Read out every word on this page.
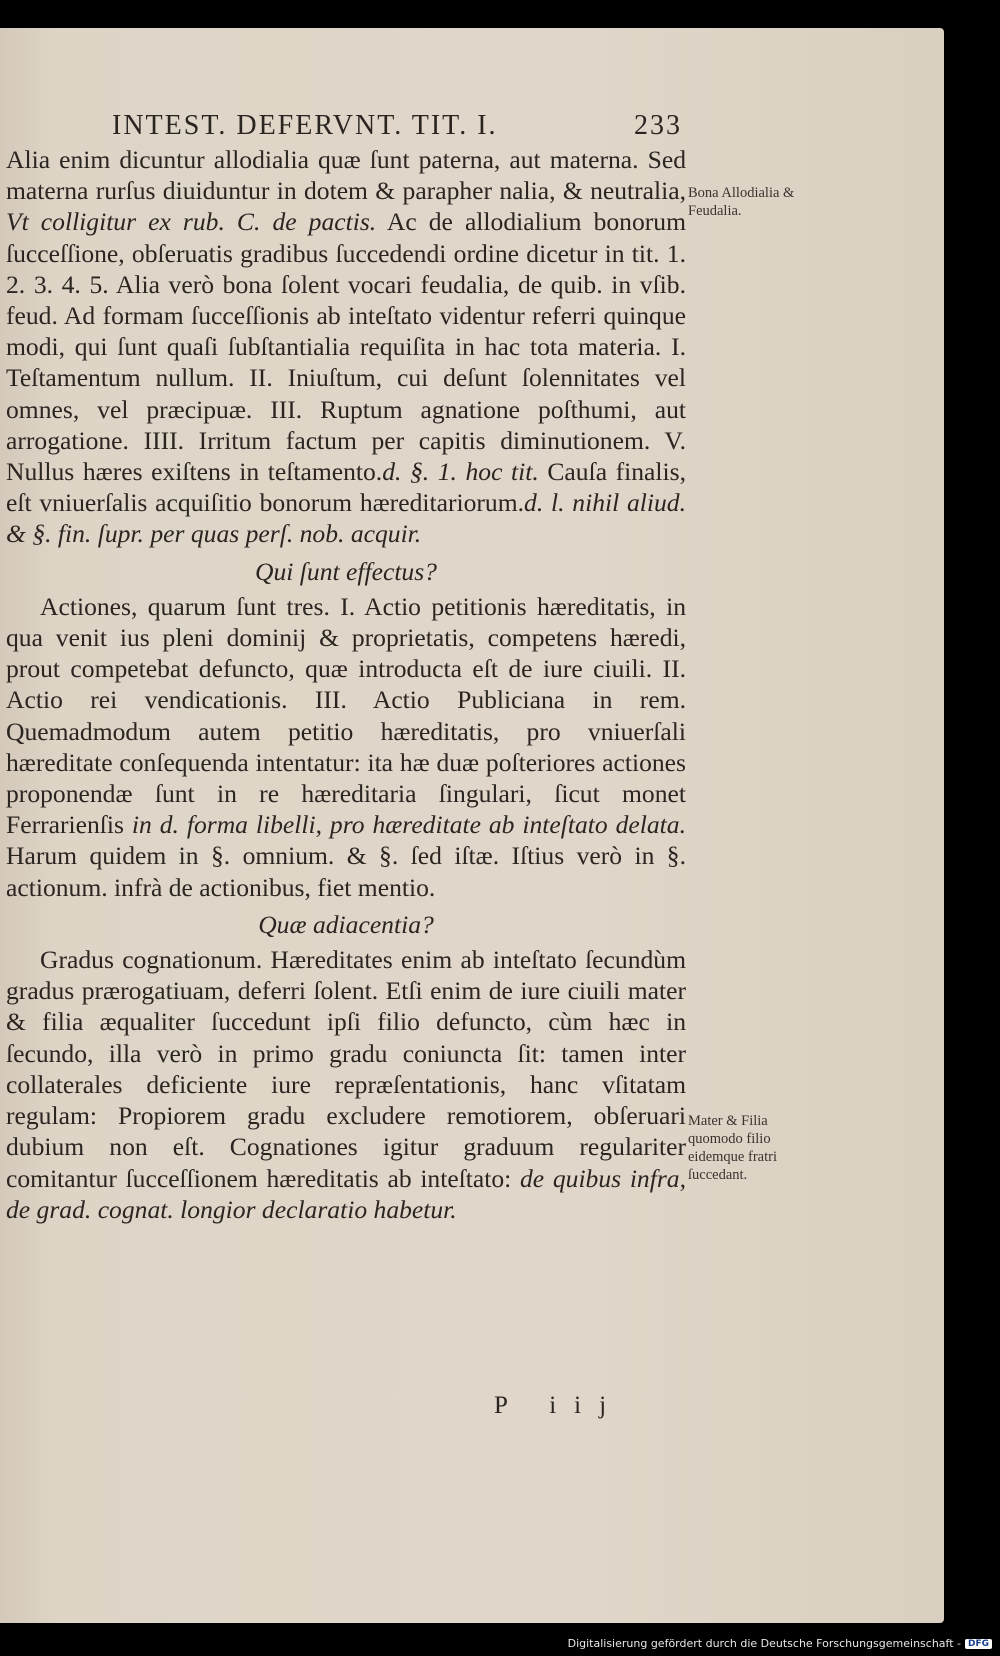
INTEST. DEFERVNT. TIT. I.	233

Alia enim dicuntur allodialia quæ ſunt paterna, aut materna. Sed materna rurſus diuiduntur in dotem & parapher nalia, & neutralia, Vt colligitur ex rub. C. de pactis. Ac de allodialium bonorum ſucceſſione, obſeruatis gradibus ſuccedendi ordine dicetur in tit. 1. 2. 3. 4. 5. Alia verò bona ſolent vocari feudalia, de quib. in vſib. feud. Ad formam ſucceſſionis ab inteſtato videntur referri quinque modi, qui ſunt quaſi ſubſtantialia requiſita in hac tota materia. I. Teſtamentum nullum. II. Iniuſtum, cui deſunt ſolennitates vel omnes, vel præcipuæ. III. Ruptum agnatione poſthumi, aut arrogatione. IIII. Irritum factum per capitis diminutionem. V. Nullus hæres exiſtens in teſtamento.d. §. 1. hoc tit. Cauſa finalis, eſt vniuerſalis acquiſitio bonorum hæreditariorum.d. l. nihil aliud. & §. fin. ſupr. per quas perſ. nob. acquir.

Qui ſunt effectus?

Actiones, quarum ſunt tres. I. Actio petitionis hæreditatis, in qua venit ius pleni dominij & proprietatis, competens hæredi, prout competebat defuncto, quæ introducta eſt de iure ciuili. II. Actio rei vendicationis. III. Actio Publiciana in rem. Quemadmodum autem petitio hæreditatis, pro vniuerſali hæreditate conſequenda intentatur: ita hæ duæ poſteriores actiones proponendæ ſunt in re hæreditaria ſingulari, ſicut monet Ferrarienſis in d. forma libelli, pro hæreditate ab inteſtato delata. Harum quidem in §. omnium. & §. ſed iſtæ. Iſtius verò in §. actionum. infrà de actionibus, fiet mentio.

Quæ adiacentia?

Gradus cognationum. Hæreditates enim ab inteſtato ſecundùm gradus prærogatiuam, deferri ſolent. Etſi enim de iure ciuili mater & filia æqualiter ſuccedunt ipſi filio defuncto, cùm hæc in ſecundo, illa verò in primo gradu coniuncta ſit: tamen inter collaterales deficiente iure repræſentationis, hanc vſitatam regulam: Propiorem gradu excludere remotiorem, obſeruari dubium non eſt. Cognationes igitur graduum regulariter comitantur ſucceſſionem hæreditatis ab inteſtato: de quibus infra, de grad. cognat. longior declaratio habetur.

Bona Allodialia & Feudalia.
Mater & Filia quomodo filio eidemque fratri ſuccedant.
P iij
Digitalisierung gefördert durch die Deutsche Forschungsgemeinschaft - DFG
